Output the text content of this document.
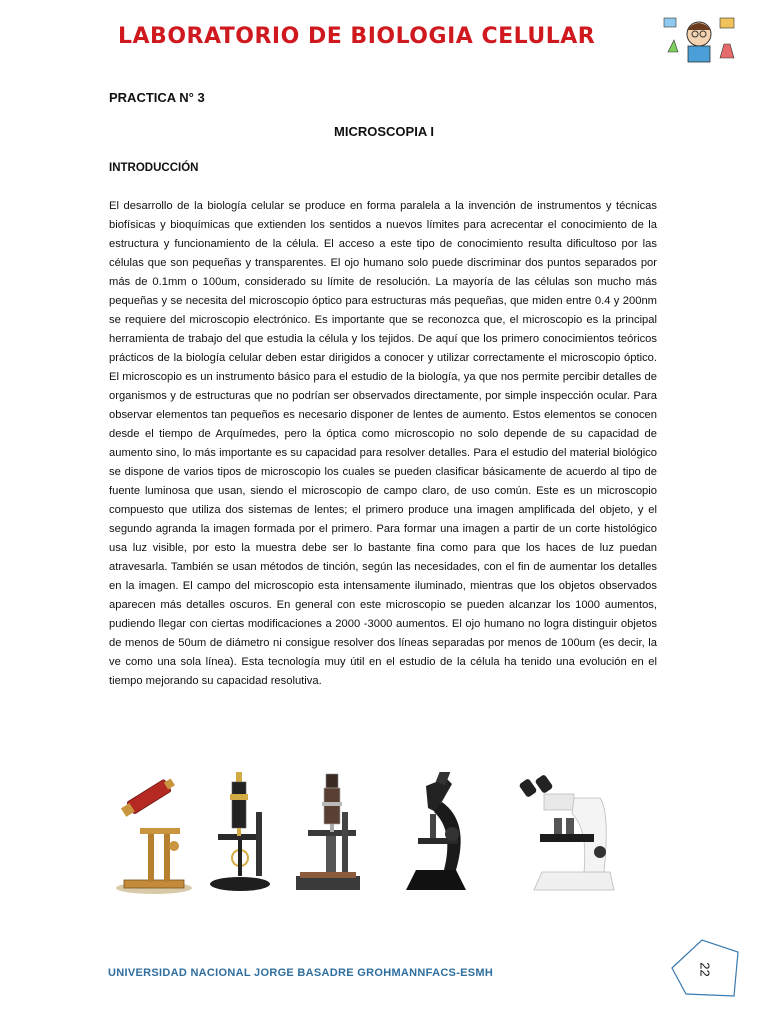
LABORATORIO DE BIOLOGIA CELULAR
PRACTICA N° 3
MICROSCOPIA I
INTRODUCCIÓN
El desarrollo de la biología celular se produce en forma paralela a la invención de instrumentos y técnicas biofísicas y bioquímicas que extienden los sentidos a nuevos límites para acrecentar el conocimiento de la estructura y funcionamiento de la célula. El acceso a este tipo de conocimiento resulta dificultoso por las células que son pequeñas y transparentes. El ojo humano solo puede discriminar dos puntos separados por más de 0.1mm o 100um, considerado su límite de resolución. La mayoría de las células son mucho más pequeñas y se necesita del microscopio óptico para estructuras más pequeñas, que miden entre 0.4 y 200nm se requiere del microscopio electrónico. Es importante que se reconozca que, el microscopio es la principal herramienta de trabajo del que estudia la célula y los tejidos. De aquí que los primero conocimientos teóricos prácticos de la biología celular deben estar dirigidos a conocer y utilizar correctamente el microscopio óptico. El microscopio es un instrumento básico para el estudio de la biología, ya que nos permite percibir detalles de organismos y de estructuras que no podrían ser observados directamente, por simple inspección ocular. Para observar elementos tan pequeños es necesario disponer de lentes de aumento. Estos elementos se conocen desde el tiempo de Arquímedes, pero la óptica como microscopio no solo depende de su capacidad de aumento sino, lo más importante es su capacidad para resolver detalles. Para el estudio del material biológico se dispone de varios tipos de microscopio los cuales se pueden clasificar básicamente de acuerdo al tipo de fuente luminosa que usan, siendo el microscopio de campo claro, de uso común. Este es un microscopio compuesto que utiliza dos sistemas de lentes; el primero produce una imagen amplificada del objeto, y el segundo agranda la imagen formada por el primero. Para formar una imagen a partir de un corte histológico usa luz visible, por esto la muestra debe ser lo bastante fina como para que los haces de luz puedan atravesarla. También se usan métodos de tinción, según las necesidades, con el fin de aumentar los detalles en la imagen. El campo del microscopio esta intensamente iluminado, mientras que los objetos observados aparecen más detalles oscuros. En general con este microscopio se pueden alcanzar los 1000 aumentos, pudiendo llegar con ciertas modificaciones a 2000 -3000 aumentos. El ojo humano no logra distinguir objetos de menos de 50um de diámetro ni consigue resolver dos líneas separadas por menos de 100um (es decir, la ve como una sola línea). Esta tecnología muy útil en el estudio de la célula ha tenido una evolución en el tiempo mejorando su capacidad resolutiva.
UNIVERSIDAD NACIONAL JORGE BASADRE GROHMANNFACS-ESMH	22
